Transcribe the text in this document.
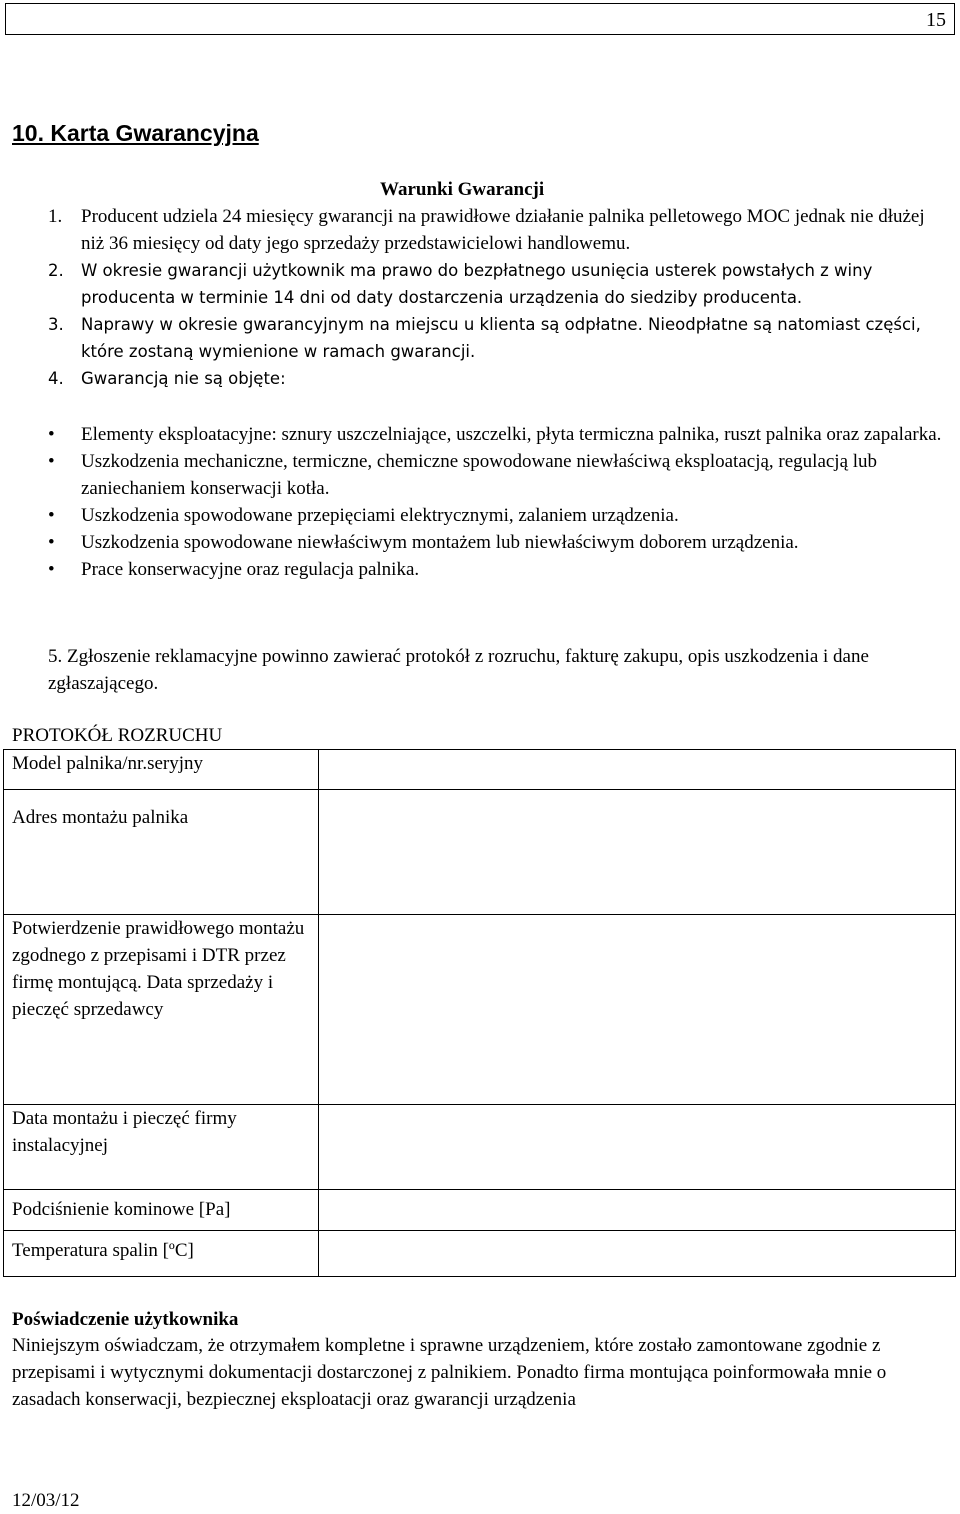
15
10. Karta Gwarancyjna
Warunki Gwarancji
1. Producent udziela 24 miesięcy gwarancji na prawidłowe działanie palnika pelletowego MOC jednak nie dłużej niż 36 miesięcy od daty jego sprzedaży przedstawicielowi handlowemu.
2. W okresie gwarancji użytkownik ma prawo do bezpłatnego usunięcia usterek powstałych z winy producenta w terminie 14 dni od daty dostarczenia urządzenia do siedziby producenta.
3. Naprawy w okresie gwarancyjnym na miejscu u klienta są odpłatne. Nieodpłatne są natomiast części, które zostaną wymienione w ramach gwarancji.
4. Gwarancją nie są objęte:
• Elementy eksploatacyjne: sznury uszczelniające, uszczelki, płyta termiczna palnika, ruszt palnika oraz zapalarka.
• Uszkodzenia mechaniczne, termiczne, chemiczne spowodowane niewłaściwą eksploatacją, regulacją lub zaniechaniem konserwacji kotła.
• Uszkodzenia spowodowane przepięciami elektrycznymi, zalaniem urządzenia.
• Uszkodzenia spowodowane niewłaściwym montażem lub niewłaściwym doborem urządzenia.
• Prace konserwacyjne oraz regulacja palnika.
5. Zgłoszenie reklamacyjne powinno zawierać protokół z rozruchu, fakturę zakupu, opis uszkodzenia i dane zgłaszającego.
PROTOKÓŁ ROZRUCHU
Model palnika/nr.seryjny	
Adres montażu palnika	
Potwierdzenie prawidłowego montażu zgodnego z przepisami i DTR przez firmę montującą. Data sprzedaży i pieczęć sprzedawcy	
Data montażu i pieczęć firmy instalacyjnej	
Podciśnienie kominowe [Pa]	
Temperatura spalin [ºC]	
Poświadczenie użytkownika
Niniejszym oświadczam, że otrzymałem kompletne i sprawne urządzeniem, które zostało zamontowane zgodnie z przepisami i wytycznymi dokumentacji dostarczonej z palnikiem. Ponadto firma montująca poinformowała mnie o zasadach konserwacji, bezpiecznej eksploatacji oraz gwarancji urządzenia
12/03/12
